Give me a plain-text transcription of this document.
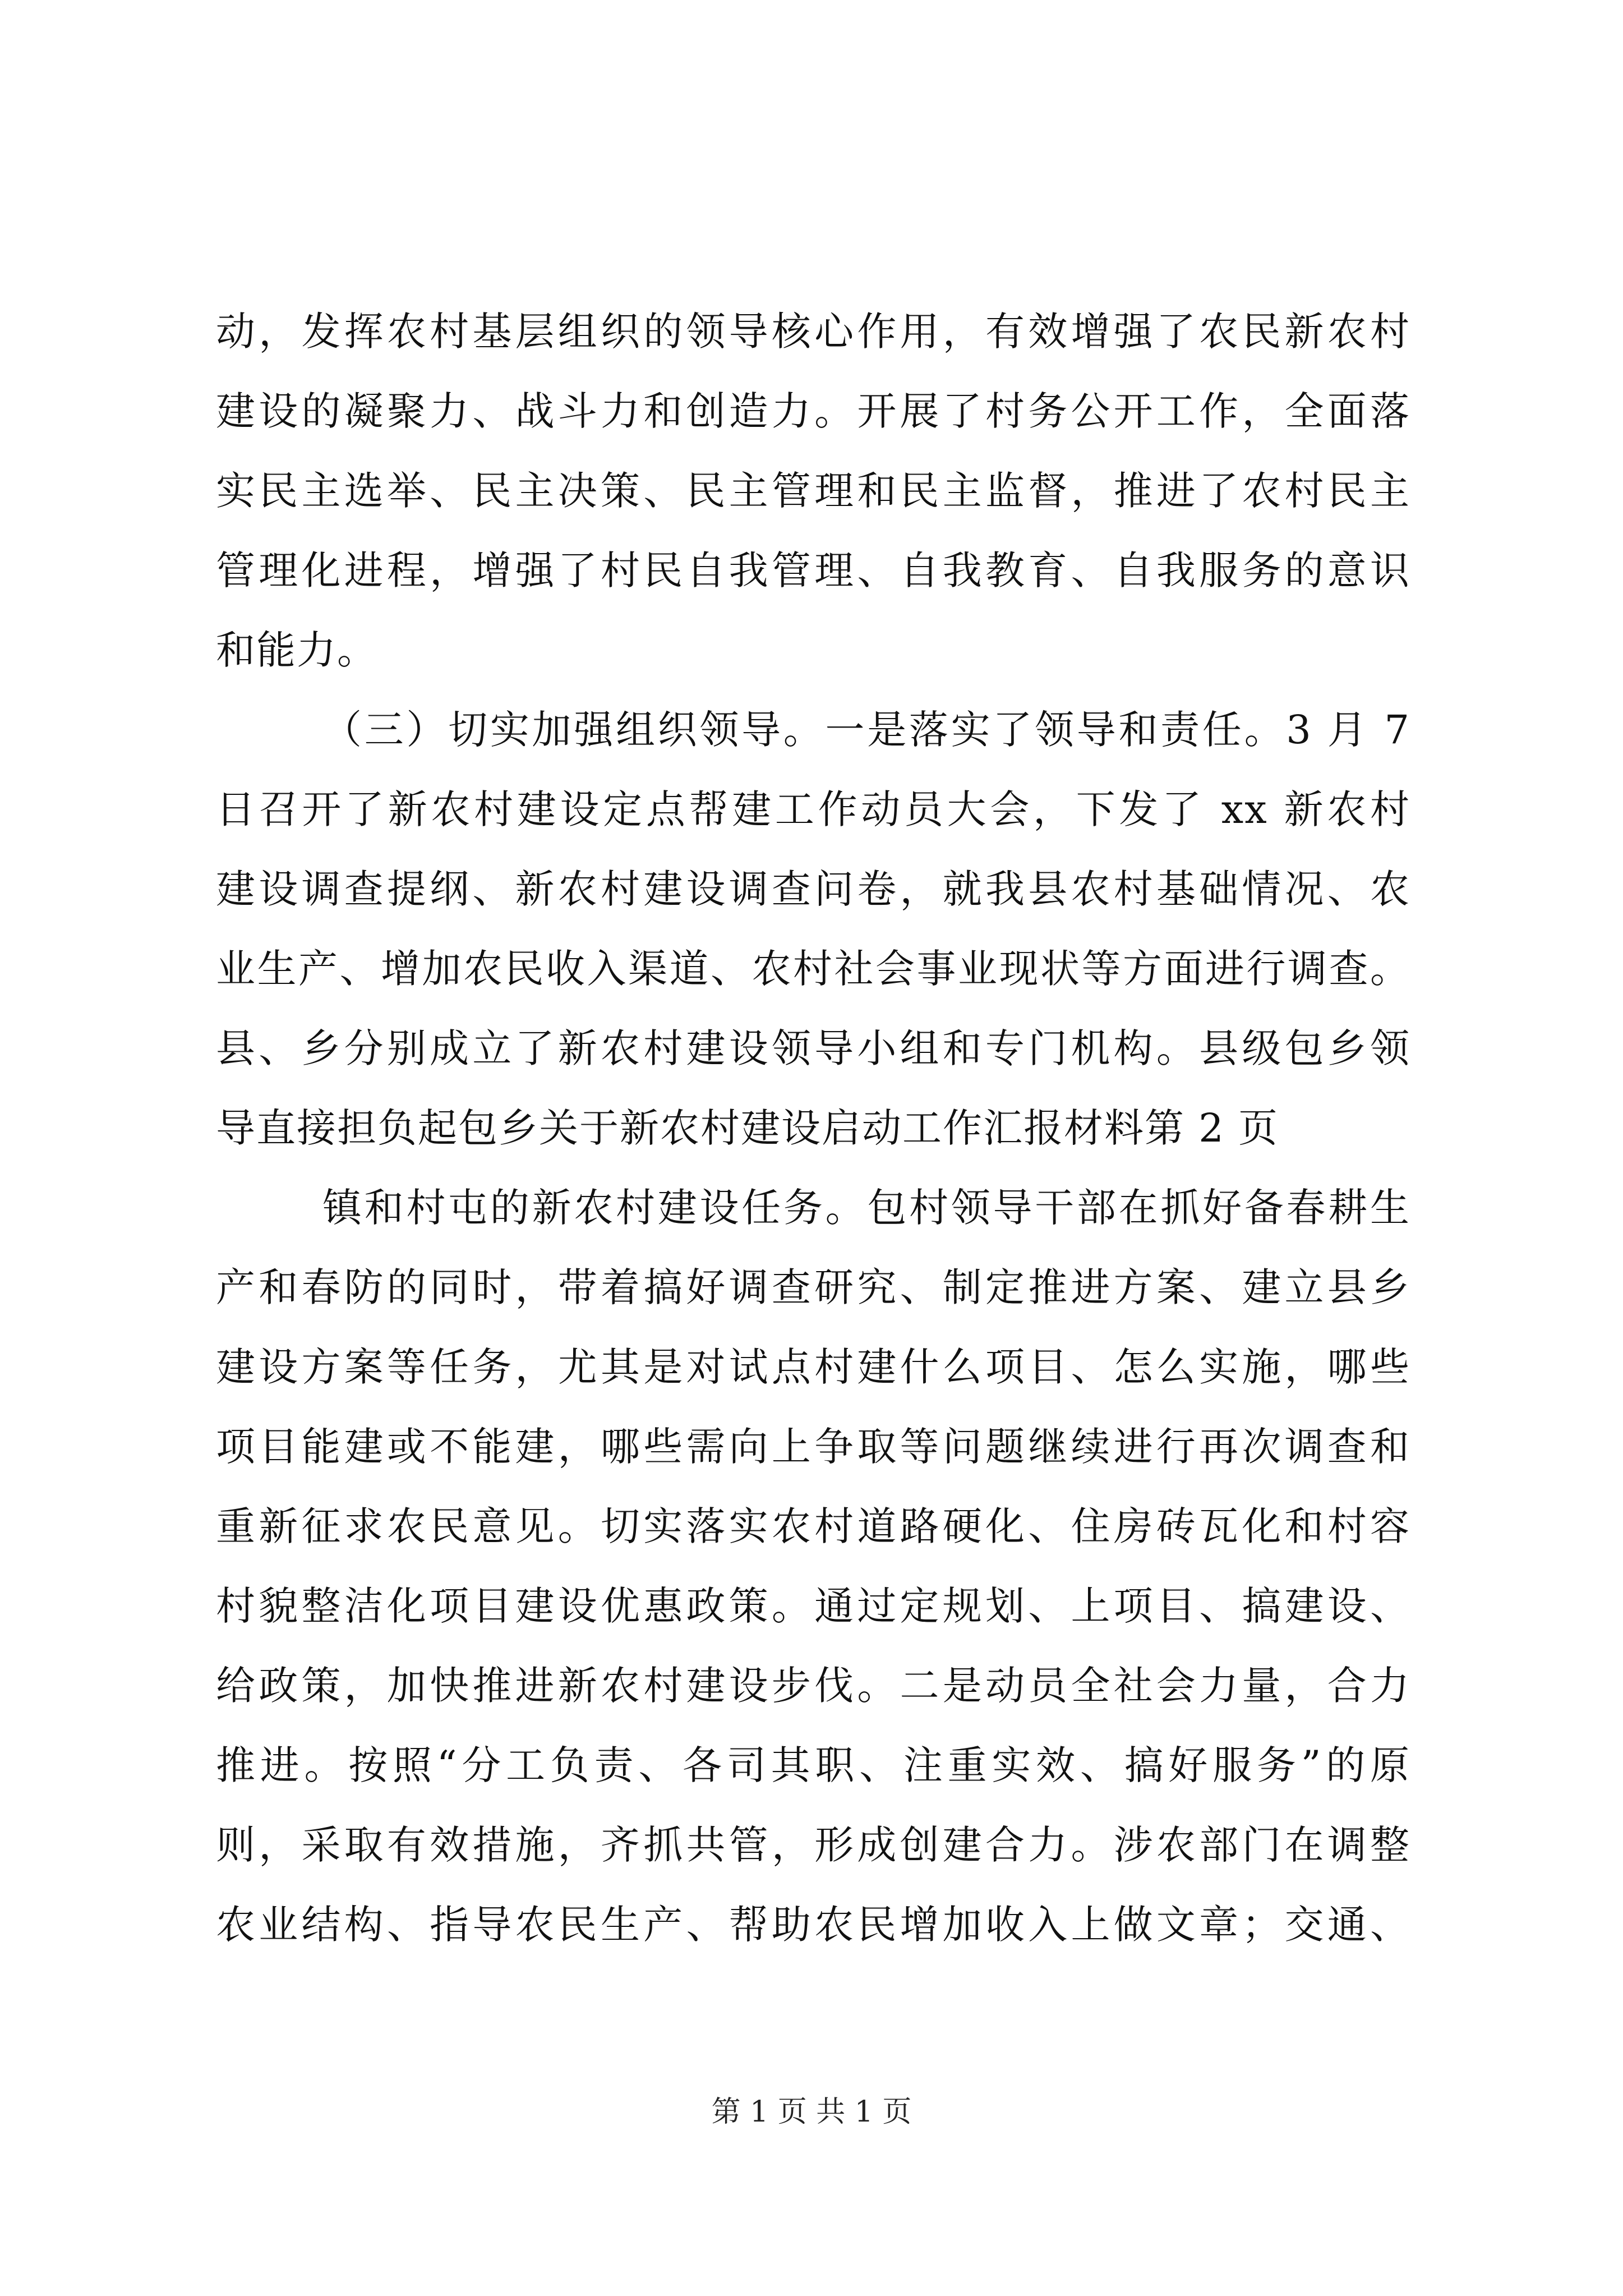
动，发挥农村基层组织的领导核心作用，有效增强了农民新农村
建设的凝聚力、战斗力和创造力。开展了村务公开工作，全面落
实民主选举、民主决策、民主管理和民主监督，推进了农村民主
管理化进程，增强了村民自我管理、自我教育、自我服务的意识
和能力。
（三）切实加强组织领导。一是落实了领导和责任。3 月 7
日召开了新农村建设定点帮建工作动员大会，下发了 xx 新农村
建设调查提纲、新农村建设调查问卷，就我县农村基础情况、农
业生产、增加农民收入渠道、农村社会事业现状等方面进行调查。
县、乡分别成立了新农村建设领导小组和专门机构。县级包乡领
导直接担负起包乡关于新农村建设启动工作汇报材料第 2 页
镇和村屯的新农村建设任务。包村领导干部在抓好备春耕生
产和春防的同时，带着搞好调查研究、制定推进方案、建立县乡
建设方案等任务，尤其是对试点村建什么项目、怎么实施，哪些
项目能建或不能建，哪些需向上争取等问题继续进行再次调查和
重新征求农民意见。切实落实农村道路硬化、住房砖瓦化和村容
村貌整洁化项目建设优惠政策。通过定规划、上项目、搞建设、
给政策，加快推进新农村建设步伐。二是动员全社会力量，合力
推进。按照“分工负责、各司其职、注重实效、搞好服务”的原
则，采取有效措施，齐抓共管，形成创建合力。涉农部门在调整
农业结构、指导农民生产、帮助农民增加收入上做文章；交通、
第 1 页 共 1 页
